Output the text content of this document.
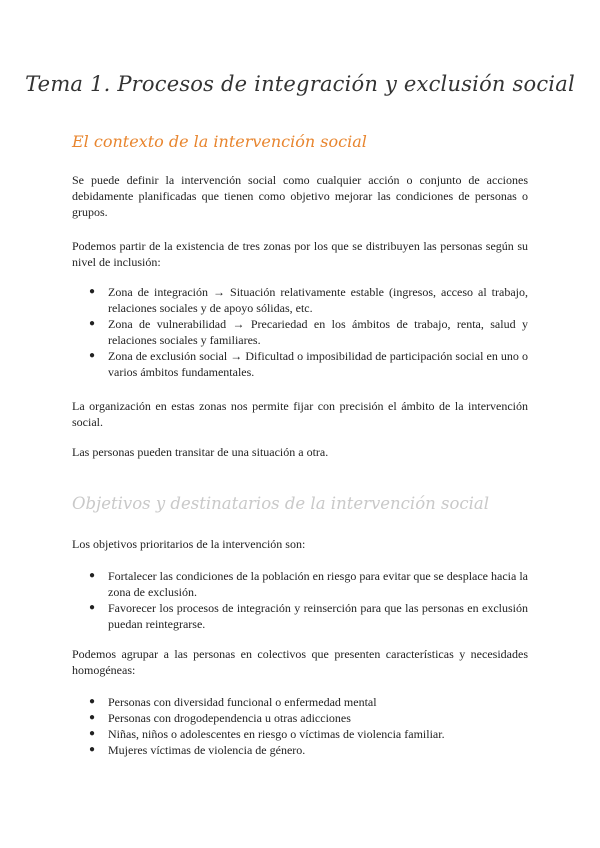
Tema 1. Procesos de integración y exclusión social
El contexto de la intervención social

Se puede definir la intervención social como cualquier acción o conjunto de acciones debidamente planificadas que tienen como objetivo mejorar las condiciones de personas o grupos.

Podemos partir de la existencia de tres zonas por los que se distribuyen las personas según su nivel de inclusión:

● Zona de integración → Situación relativamente estable (ingresos, acceso al trabajo, relaciones sociales y de apoyo sólidas, etc.
● Zona de vulnerabilidad → Precariedad en los ámbitos de trabajo, renta, salud y relaciones sociales y familiares.
● Zona de exclusión social → Dificultad o imposibilidad de participación social en uno o varios ámbitos fundamentales.

La organización en estas zonas nos permite fijar con precisión el ámbito de la intervención social.

Las personas pueden transitar de una situación a otra.

Objetivos y destinatarios de la intervención social

Los objetivos prioritarios de la intervención son:

● Fortalecer las condiciones de la población en riesgo para evitar que se desplace hacia la zona de exclusión.
● Favorecer los procesos de integración y reinserción para que las personas en exclusión puedan reintegrarse.

Podemos agrupar a las personas en colectivos que presenten características y necesidades homogéneas:

● Personas con diversidad funcional o enfermedad mental
● Personas con drogodependencia u otras adicciones
● Niñas, niños o adolescentes en riesgo o víctimas de violencia familiar.
● Mujeres víctimas de violencia de género.
